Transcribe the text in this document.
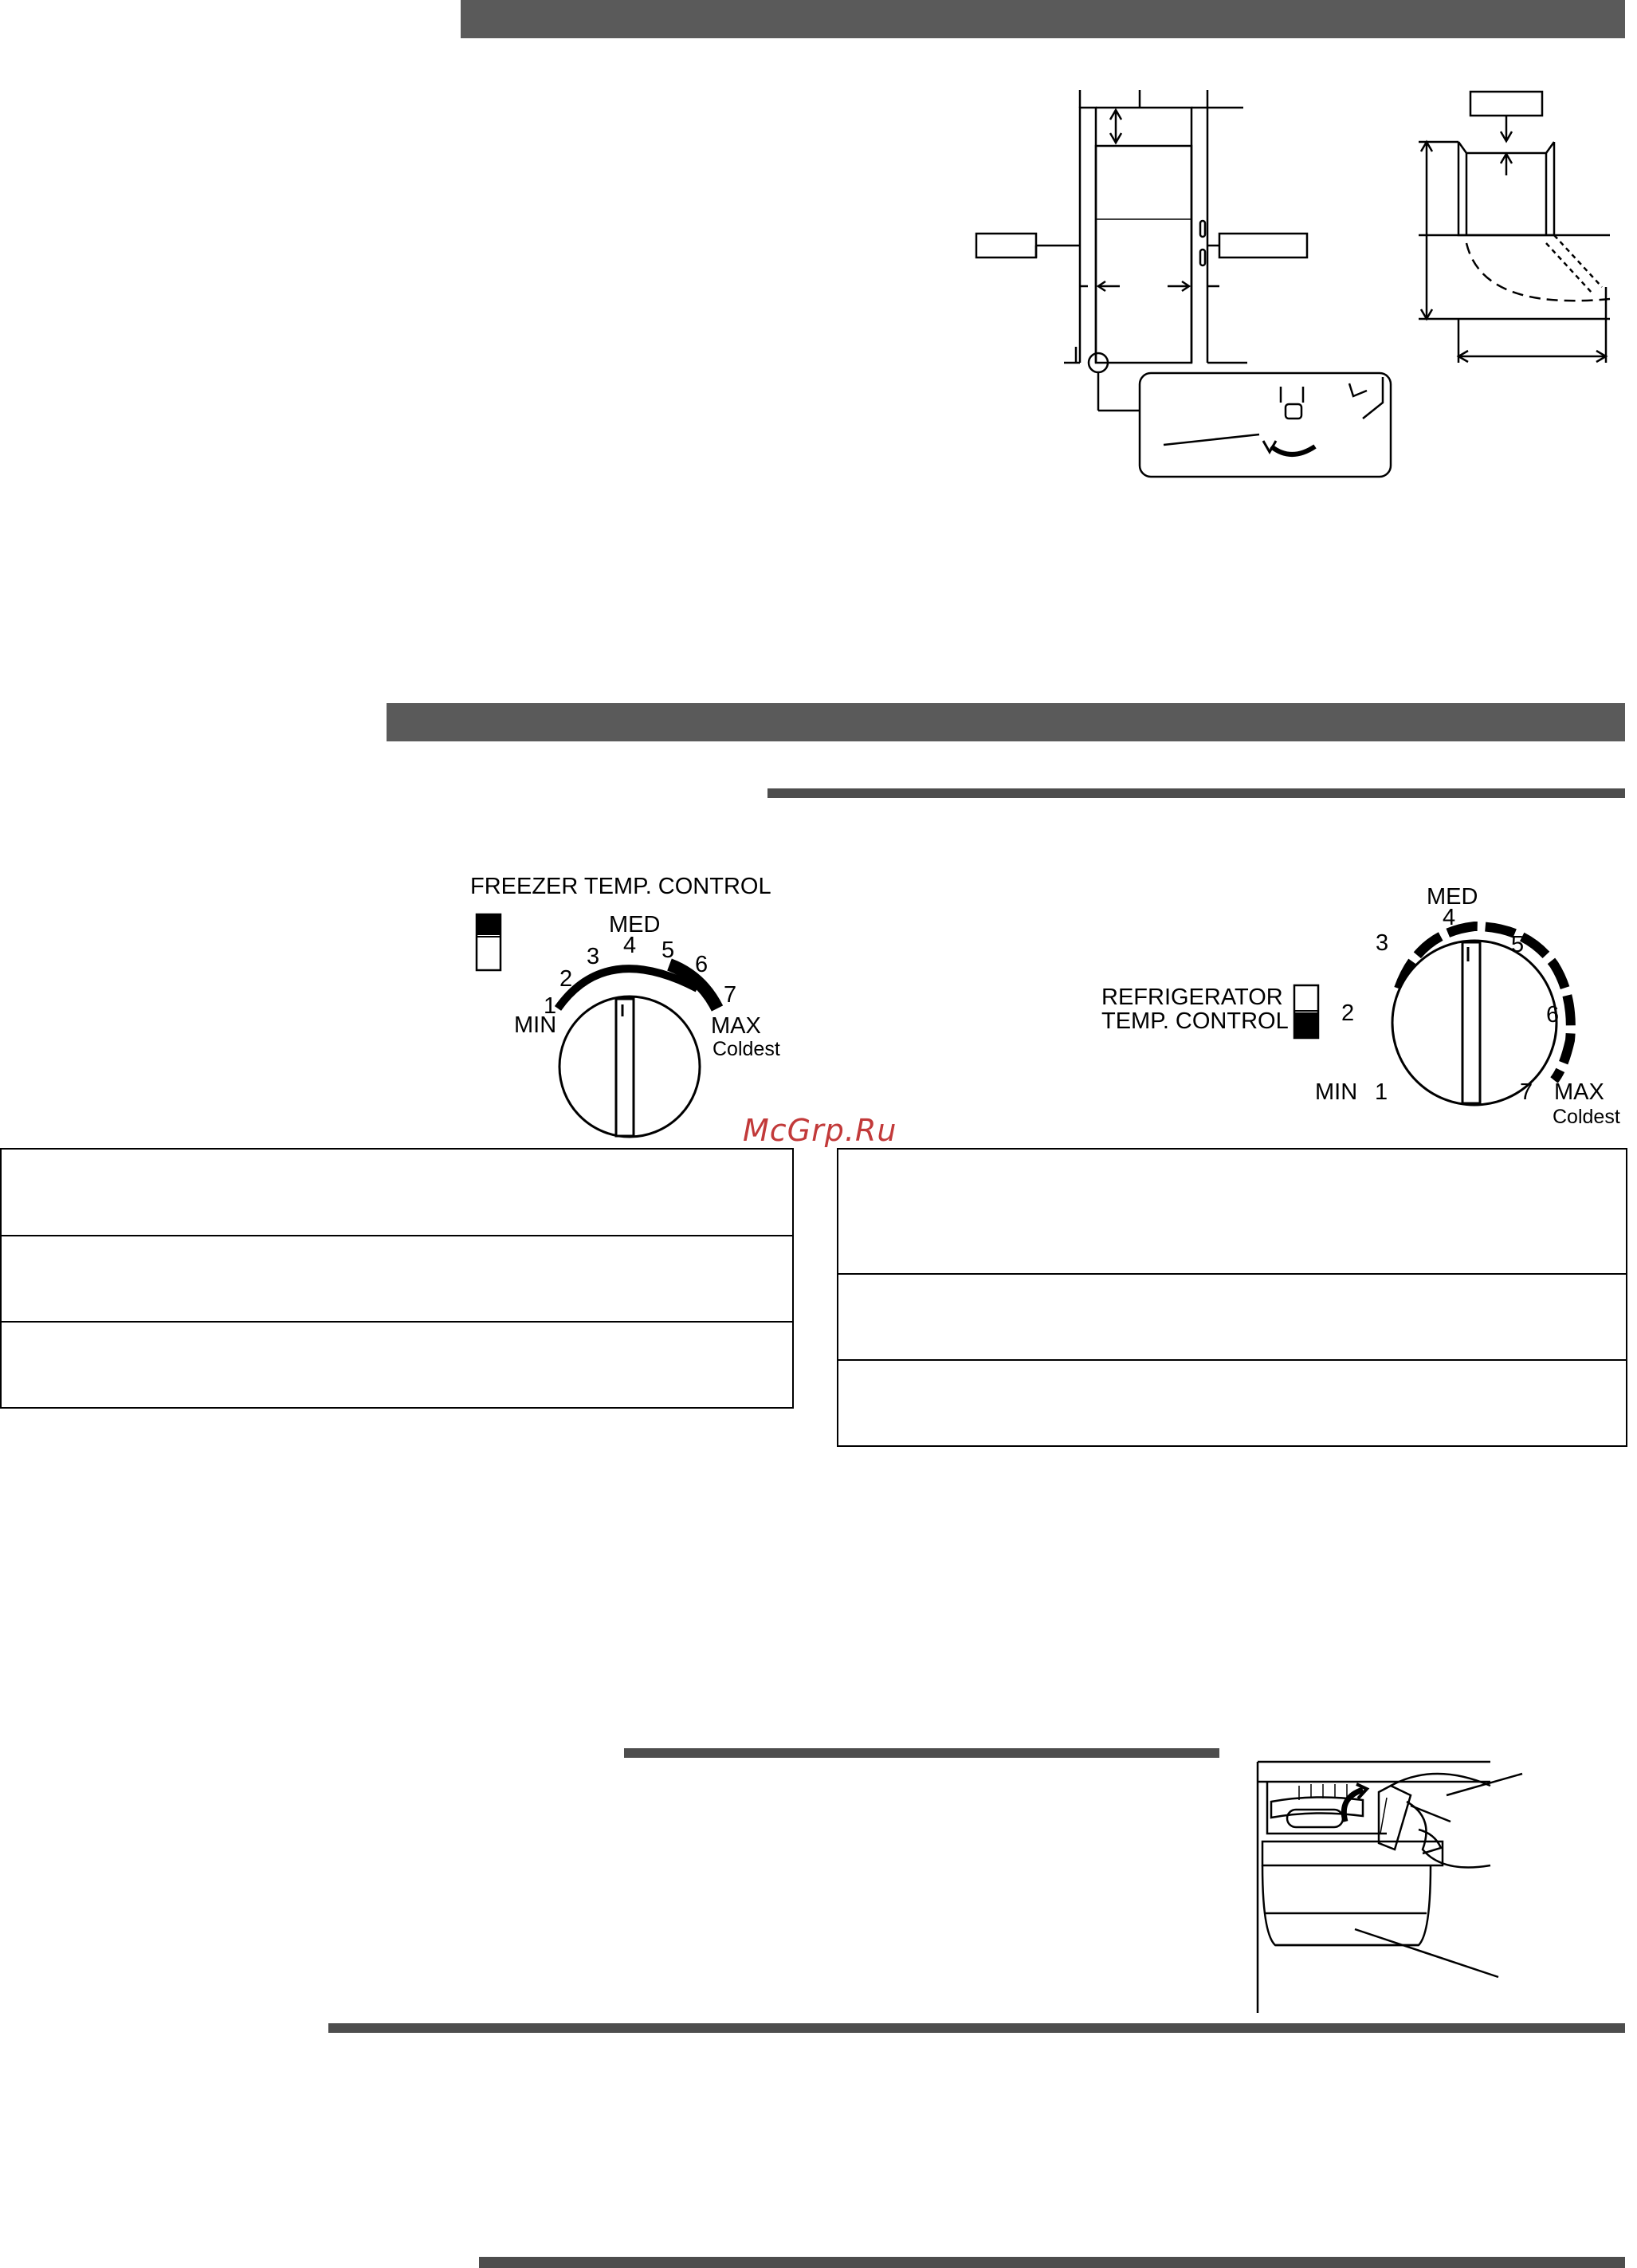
FREEZER TEMP. CONTROL
1
2
3 4 5
6
7
MIN
MED
MAX
Coldest
REFRIGERATOR
TEMP. CONTROL
1
2
3
4
5
6
7
MIN
MED
MAX
Coldest
McGrp.Ru
